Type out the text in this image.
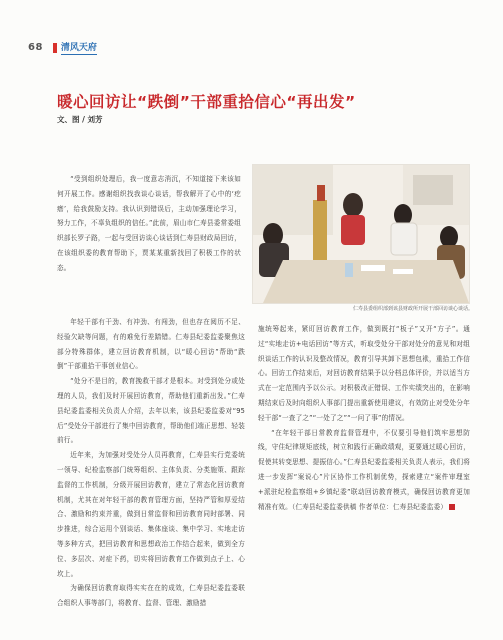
68 清风天府
暖心回访让“跌倒”干部重拾信心“再出发”
文、图 / 刘芳

“受到组织处理后，我一度意志消沉，不知道接下来该如何开展工作。感谢组织找我谈心谈话，帮我解开了心中的‘疙瘩’，给我鼓励支持。我认识到错误后，主动加强理论学习，努力工作，不辜负组织的信任。”此前，眉山市仁寿县委常委组织部长罗子路，一起与受回访谈心谈话到仁寿县财政局回访，在该组织委的教育帮助下，贾某某重新找回了积极工作的状态。

仁寿县委组织部到该县财政所开展干部回访谈心谈话。

年轻干部有干劲、有冲劲、有闯劲，但也存在阅历不足、经验欠缺等问题，有的难免行差踏错。仁寿县纪委监委聚焦这部分特殊群体，建立回访教育机制，以“暖心回访”帮助“跌倒”干部重拾干事创业信心。

“处分不是目的，教育挽救干部才是根本。对受到处分或处理的人员，我们及时开展回访教育，帮助他们重新出发。”仁寿县纪委监委相关负责人介绍，去年以来，该县纪委监委对“95后”受处分干部进行了集中回访教育，帮助他们端正思想、轻装前行。

近年来，为加强对受处分人员再教育，仁寿县实行党委统一领导、纪检监察部门统筹组织、主体负责、分类施策、跟踪监督的工作机制，分级开展回访教育，建立了常态化回访教育机制，尤其在对年轻干部的教育管理方面，坚持严管和厚爱结合、激励和约束并重，做到日常监督和回访教育同时部署、同步推进，综合运用个别谈话、集体座谈、集中学习、实地走访等多种方式，把回访教育和思想政治工作结合起来，做到全方位、多层次、对症下药，切实将回访教育工作做到点子上、心坎上。

为确保回访教育取得实实在在的成效，仁寿县纪委监委联合组织人事等部门，将教育、监督、管理、激励措

施统筹起来，紧盯回访教育工作，做到既打“板子”又开“方子”。通过“实地走访+电话回访”等方式，听取受处分干部对处分的意见和对组织谈话工作的认识及整改情况，教育引导其卸下思想包袱，重拾工作信心。回访工作结束后，对回访教育结果予以分档总体评价，并以适当方式在一定范围内予以公示。对积极改正错误、工作实绩突出的，在影响期结束后及时向组织人事部门提出重新使用建议，有效防止对受处分年轻干部“一查了之”“一处了之”“一问了事”的情况。

“在年轻干部日常教育监督管理中，不仅要引导他们筑牢思想防线，守住纪律规矩底线，树立和践行正确政绩观，更要通过暖心回访，促使其转变思想、提振信心。”仁寿县纪委监委相关负责人表示，我们将进一步发挥“案说心”片区协作工作机制优势，探索建立“案件审理室+派驻纪检监察组+乡镇纪委”联动回访教育模式，确保回访教育更加精准有效。（仁寿县纪委监委供稿 作者单位：仁寿县纪委监委）
